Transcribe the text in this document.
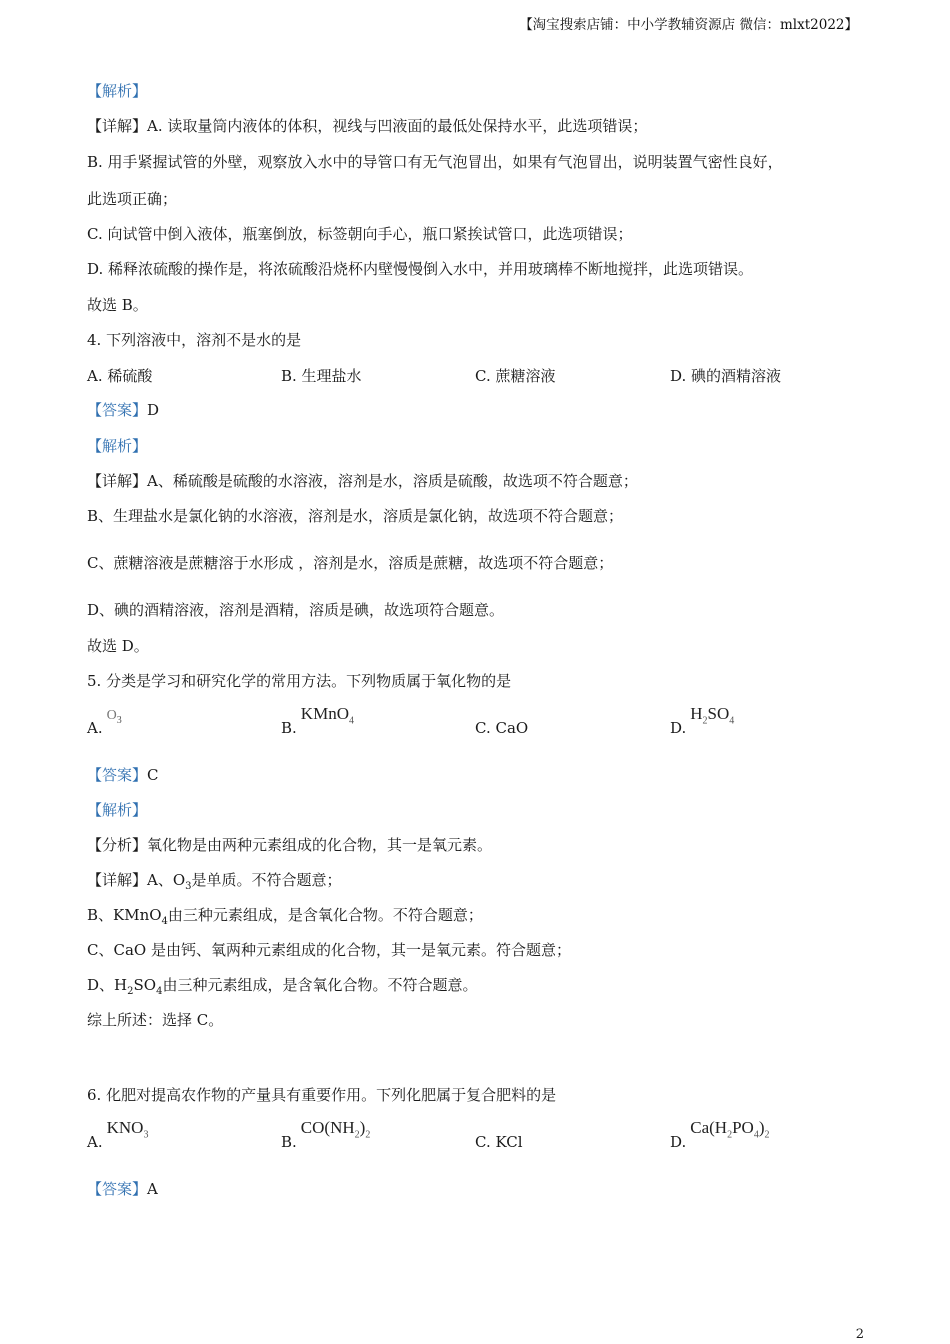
【淘宝搜索店铺：中小学教辅资源店 微信：mlxt2022】
【解析】
【详解】A. 读取量筒内液体的体积，视线与凹液面的最低处保持水平，此选项错误；
B. 用手紧握试管的外壁，观察放入水中的导管口有无气泡冒出，如果有气泡冒出，说明装置气密性良好，
此选项正确；
C. 向试管中倒入液体，瓶塞倒放，标签朝向手心，瓶口紧挨试管口，此选项错误；
D. 稀释浓硫酸的操作是，将浓硫酸沿烧杯内壁慢慢倒入水中，并用玻璃棒不断地搅拌，此选项错误。
故选 B。
4. 下列溶液中，溶剂不是水的是
A. 稀硫酸	B. 生理盐水	C. 蔗糖溶液	D. 碘的酒精溶液
【答案】D
【解析】
【详解】A、稀硫酸是硫酸的水溶液，溶剂是水，溶质是硫酸，故选项不符合题意；
B、生理盐水是氯化钠的水溶液，溶剂是水，溶质是氯化钠，故选项不符合题意；
C、蔗糖溶液是蔗糖溶于水形成 ，溶剂是水，溶质是蔗糖，故选项不符合题意；
D、碘的酒精溶液，溶剂是酒精，溶质是碘，故选项符合题意。
故选 D。
5. 分类是学习和研究化学的常用方法。下列物质属于氧化物的是
$A.O_3$	B.KMnO$_4$	C. CaO	$D.H_2SO_4$
【答案】C
【解析】
【分析】氧化物是由两种元素组成的化合物，其一是氧元素。
【详解】A、$O_3$是单质。不符合题意；
B、KMnO$_4$由三种元素组成，是含氧化合物。不符合题意；
C、CaO 是由钙、氧两种元素组成的化合物，其一是氧元素。符合题意；
D、$H_2SO_4$由三种元素组成，是含氧化合物。不符合题意。
综上所述：选择 C。
6. 化肥对提高农作物的产量具有重要作用。下列化肥属于复合肥料的是
$A.KNO_3$	$B.CO(NH_2)_2$	C. KCl	$D.Ca(H_2PO_4)_2$
【答案】A
2
